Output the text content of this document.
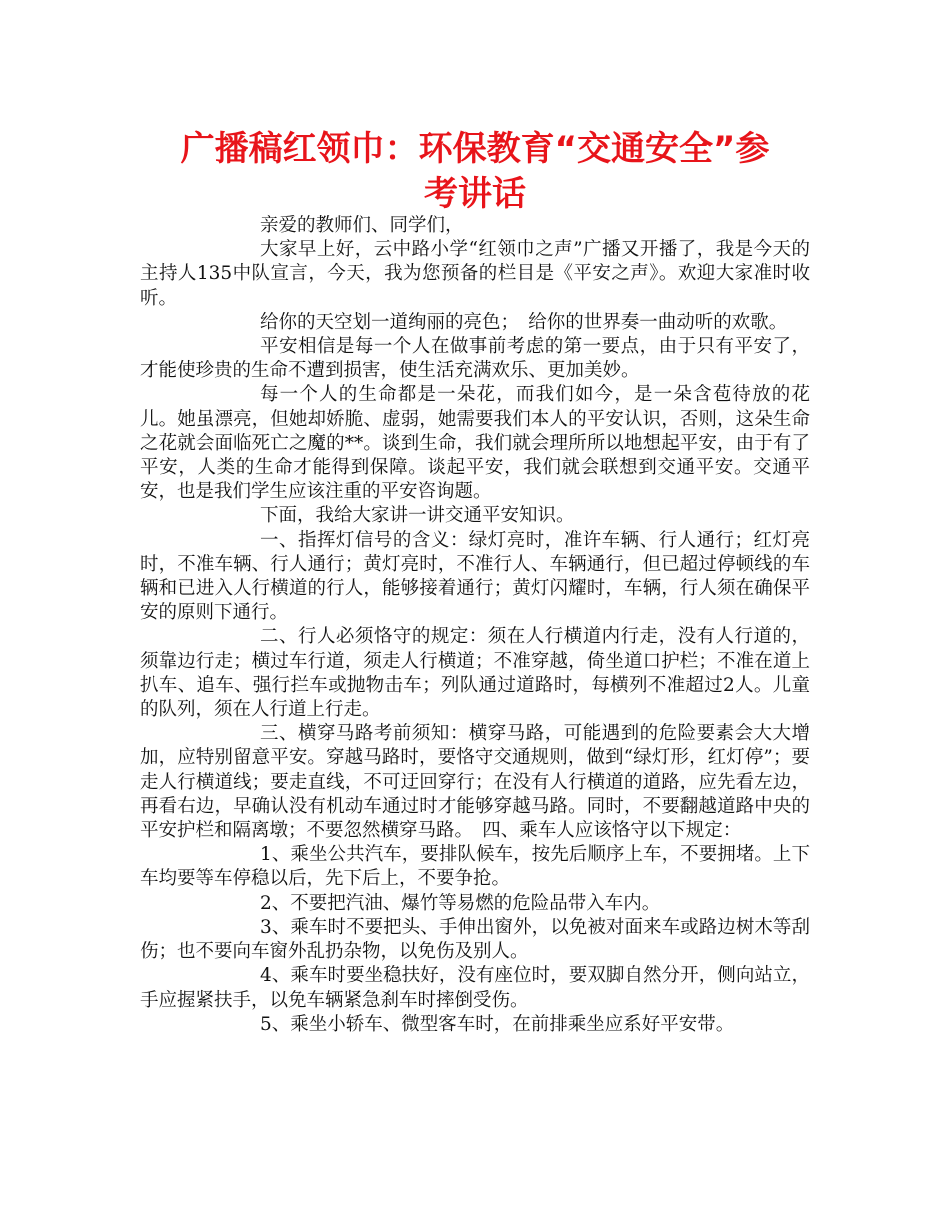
广播稿红领巾：环保教育“交通安全”参
考讲话

亲爱的教师们、同学们，

大家早上好，云中路小学“红领巾之声”广播又开播了，我是今天的主持人135中队宣言，今天，我为您预备的栏目是《平安之声》。欢迎大家准时收听。

给你的天空划一道绚丽的亮色；　给你的世界奏一曲动听的欢歌。

平安相信是每一个人在做事前考虑的第一要点，由于只有平安了，才能使珍贵的生命不遭到损害，使生活充满欢乐、更加美妙。

每一个人的生命都是一朵花，而我们如今，是一朵含苞待放的花儿。她虽漂亮，但她却娇脆、虚弱，她需要我们本人的平安认识，否则，这朵生命之花就会面临死亡之魔的**。谈到生命，我们就会理所所以地想起平安，由于有了平安，人类的生命才能得到保障。谈起平安，我们就会联想到交通平安。交通平安，也是我们学生应该注重的平安咨询题。

下面，我给大家讲一讲交通平安知识。

一、指挥灯信号的含义：绿灯亮时，准许车辆、行人通行；红灯亮时，不准车辆、行人通行；黄灯亮时，不准行人、车辆通行，但已超过停顿线的车辆和已进入人行横道的行人，能够接着通行；黄灯闪耀时，车辆，行人须在确保平安的原则下通行。

二、行人必须恪守的规定：须在人行横道内行走，没有人行道的，须靠边行走；横过车行道，须走人行横道；不准穿越，倚坐道口护栏；不准在道上扒车、追车、强行拦车或抛物击车；列队通过道路时，每横列不准超过2人。儿童的队列，须在人行道上行走。

三、横穿马路考前须知：横穿马路，可能遇到的危险要素会大大增加，应特别留意平安。穿越马路时，要恪守交通规则，做到“绿灯形，红灯停”；要走人行横道线；要走直线，不可迂回穿行；在没有人行横道的道路，应先看左边，再看右边，早确认没有机动车通过时才能够穿越马路。同时，不要翻越道路中央的平安护栏和隔离墩；不要忽然横穿马路。　四、乘车人应该恪守以下规定：

1、乘坐公共汽车，要排队候车，按先后顺序上车，不要拥堵。上下车均要等车停稳以后，先下后上，不要争抢。

2、不要把汽油、爆竹等易燃的危险品带入车内。

3、乘车时不要把头、手伸出窗外，以免被对面来车或路边树木等刮伤；也不要向车窗外乱扔杂物，以免伤及别人。

4、乘车时要坐稳扶好，没有座位时，要双脚自然分开，侧向站立，手应握紧扶手，以免车辆紧急刹车时摔倒受伤。

5、乘坐小轿车、微型客车时，在前排乘坐应系好平安带。
